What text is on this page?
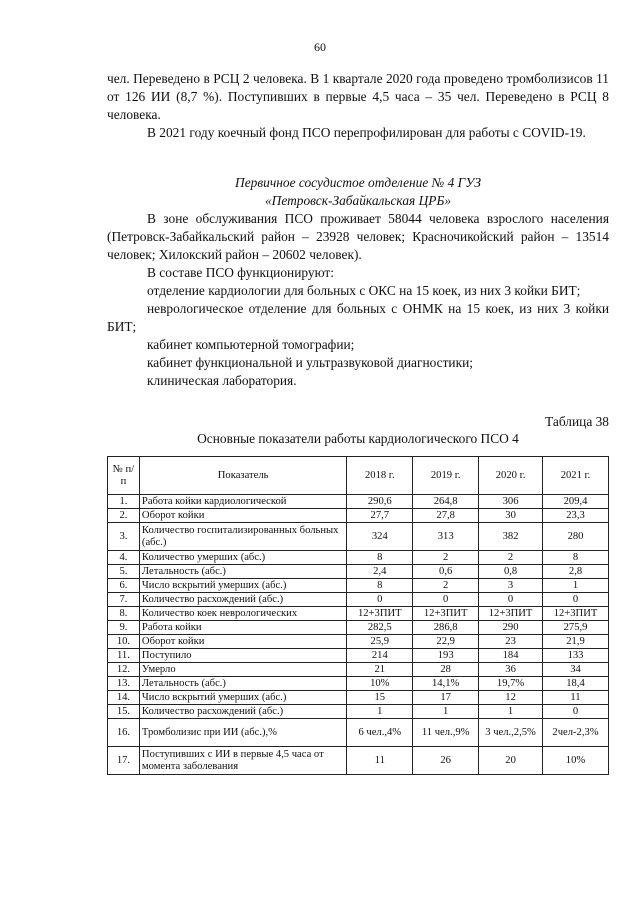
60

чел. Переведено в РСЦ 2 человека. В 1 квартале 2020 года проведено тромболизисов 11 от 126 ИИ (8,7 %). Поступивших в первые 4,5 часа – 35 чел. Переведено в РСЦ 8 человека.

В 2021 году коечный фонд ПСО перепрофилирован для работы с COVID-19.

Первичное сосудистое отделение № 4 ГУЗ
«Петровск-Забайкальская ЦРБ»

В зоне обслуживания ПСО проживает 58044 человека взрослого населения (Петровск-Забайкальский район – 23928 человек; Красночикойский район – 13514 человек; Хилокский район – 20602 человек).

В составе ПСО функционируют:

отделение кардиологии для больных с ОКС на 15 коек, из них 3 койки БИТ;

неврологическое отделение для больных с ОНМК на 15 коек, из них 3 койки БИТ;

кабинет компьютерной томографии;

кабинет функциональной и ультразвуковой диагностики;

клиническая лаборатория.

Таблица 38
Основные показатели работы кардиологического ПСО 4
№ п/п	Показатель	2018 г.	2019 г.	2020 г.	2021 г.
1.	Работа койки кардиологической	290,6	264,8	306	209,4
2.	Оборот койки	27,7	27,8	30	23,3
3.	Количество госпитализированных больных (абс.)	324	313	382	280
4.	Количество умерших (абс.)	8	2	2	8
5.	Летальность (абс.)	2,4	0,6	0,8	2,8
6.	Число вскрытий умерших (абс.)	8	2	3	1
7.	Количество расхождений (абс.)	0	0	0	0
8.	Количество коек неврологических	12+3ПИТ	12+3ПИТ	12+3ПИТ	12+3ПИТ
9.	Работа койки	282,5	286,8	290	275,9
10.	Оборот койки	25,9	22,9	23	21,9
11.	Поступило	214	193	184	133
12.	Умерло	21	28	36	34
13.	Летальность (абс.)	10%	14,1%	19,7%	18,4
14.	Число вскрытий умерших (абс.)	15	17	12	11
15.	Количество расхождений (абс.)	1	1	1	0
16.	Тромболизис при ИИ (абс.),%	6 чел.,4%	11 чел.,9%	3 чел.,2,5%	2чел-2,3%
17.	Поступивших с ИИ в первые 4,5 часа от момента заболевания	11	26	20	10%
